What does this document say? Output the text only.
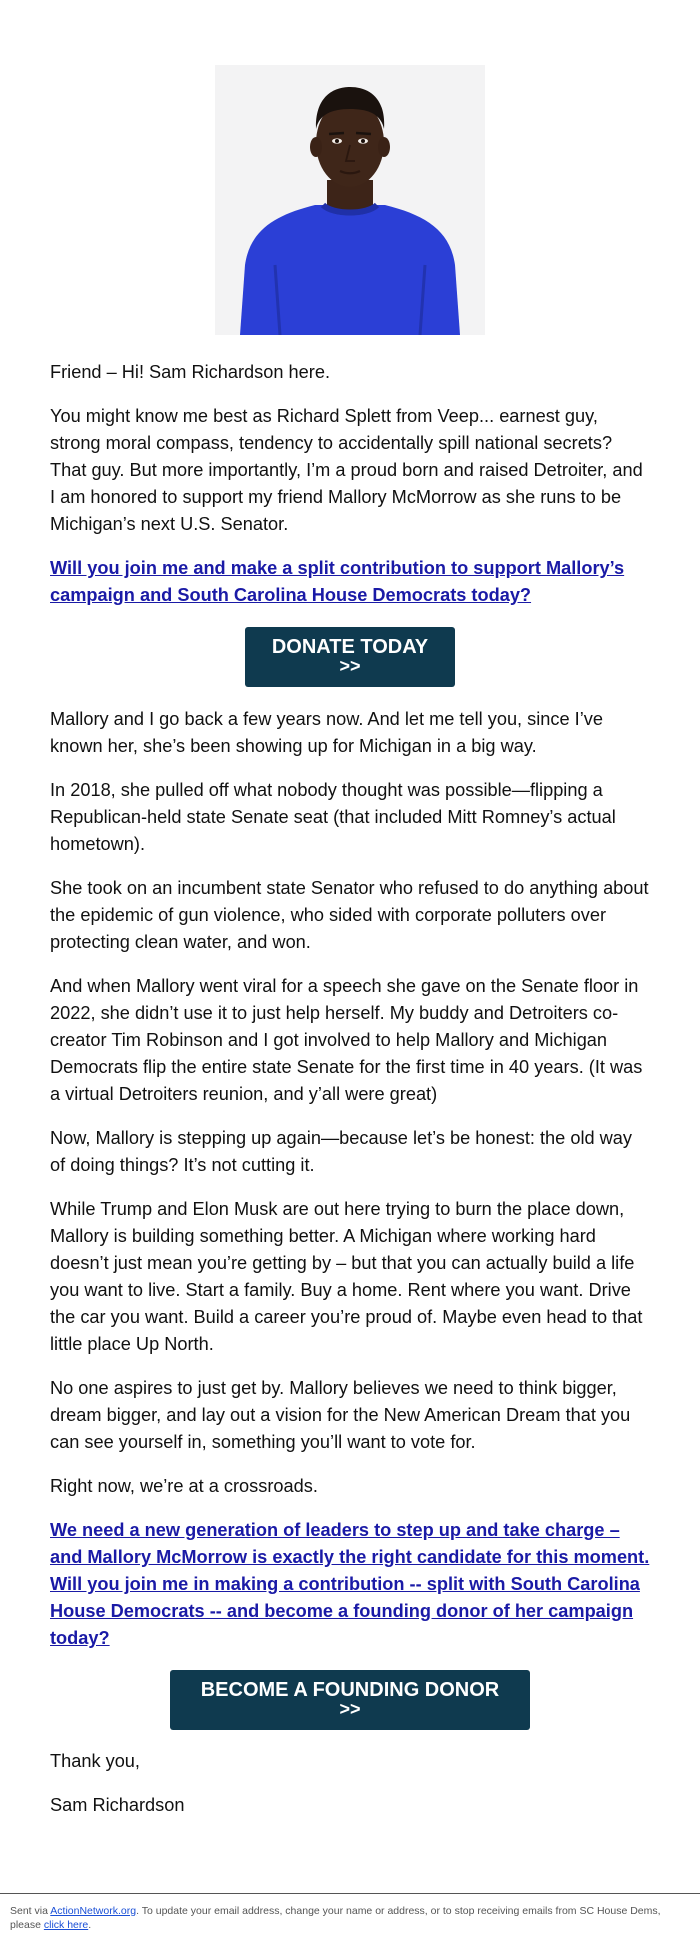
Friend – Hi! Sam Richardson here.

You might know me best as Richard Splett from Veep... earnest guy, strong moral compass, tendency to accidentally spill national secrets? That guy. But more importantly, I’m a proud born and raised Detroiter, and I am honored to support my friend Mallory McMorrow as she runs to be Michigan’s next U.S. Senator.

Will you join me and make a split contribution to support Mallory’s campaign and South Carolina House Democrats today?

DONATE TODAY
>>

Mallory and I go back a few years now. And let me tell you, since I’ve known her, she’s been showing up for Michigan in a big way.

In 2018, she pulled off what nobody thought was possible—flipping a Republican-held state Senate seat (that included Mitt Romney’s actual hometown).

She took on an incumbent state Senator who refused to do anything about the epidemic of gun violence, who sided with corporate polluters over protecting clean water, and won.

And when Mallory went viral for a speech she gave on the Senate floor in 2022, she didn’t use it to just help herself. My buddy and Detroiters co-creator Tim Robinson and I got involved to help Mallory and Michigan Democrats flip the entire state Senate for the first time in 40 years. (It was a virtual Detroiters reunion, and y’all were great)

Now, Mallory is stepping up again—because let’s be honest: the old way of doing things? It’s not cutting it.

While Trump and Elon Musk are out here trying to burn the place down, Mallory is building something better. A Michigan where working hard doesn’t just mean you’re getting by – but that you can actually build a life you want to live. Start a family. Buy a home. Rent where you want. Drive the car you want. Build a career you’re proud of. Maybe even head to that little place Up North.

No one aspires to just get by. Mallory believes we need to think bigger, dream bigger, and lay out a vision for the New American Dream that you can see yourself in, something you’ll want to vote for.

Right now, we’re at a crossroads.

We need a new generation of leaders to step up and take charge – and Mallory McMorrow is exactly the right candidate for this moment. Will you join me in making a contribution -- split with South Carolina House Democrats -- and become a founding donor of her campaign today?

BECOME A FOUNDING DONOR
>>

Thank you,

Sam Richardson

Sent via ActionNetwork.org. To update your email address, change your name or address, or to stop receiving emails from SC House Dems, please click here.
